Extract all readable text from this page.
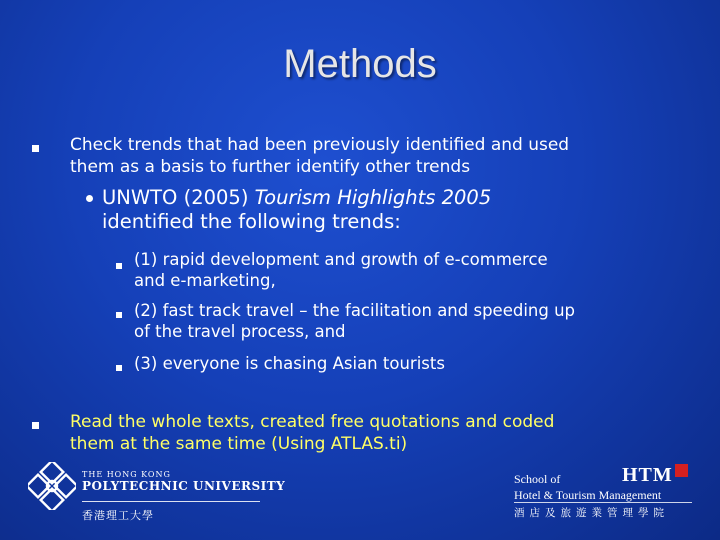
Methods
Check trends that had been previously identified and used
them as a basis to further identify other trends
UNWTO (2005) Tourism Highlights 2005
identified the following trends:
(1) rapid development and growth of e-commerce
and e-marketing,
(2) fast track travel – the facilitation and speeding up
of the travel process, and
(3) everyone is chasing Asian tourists
Read the whole texts, created free quotations and coded
them at the same time (Using ATLAS.ti)
THE HONG KONG
POLYTECHNIC UNIVERSITY
香港理工大學
HTM
School of
Hotel & Tourism Management
酒店及旅遊業管理學院
